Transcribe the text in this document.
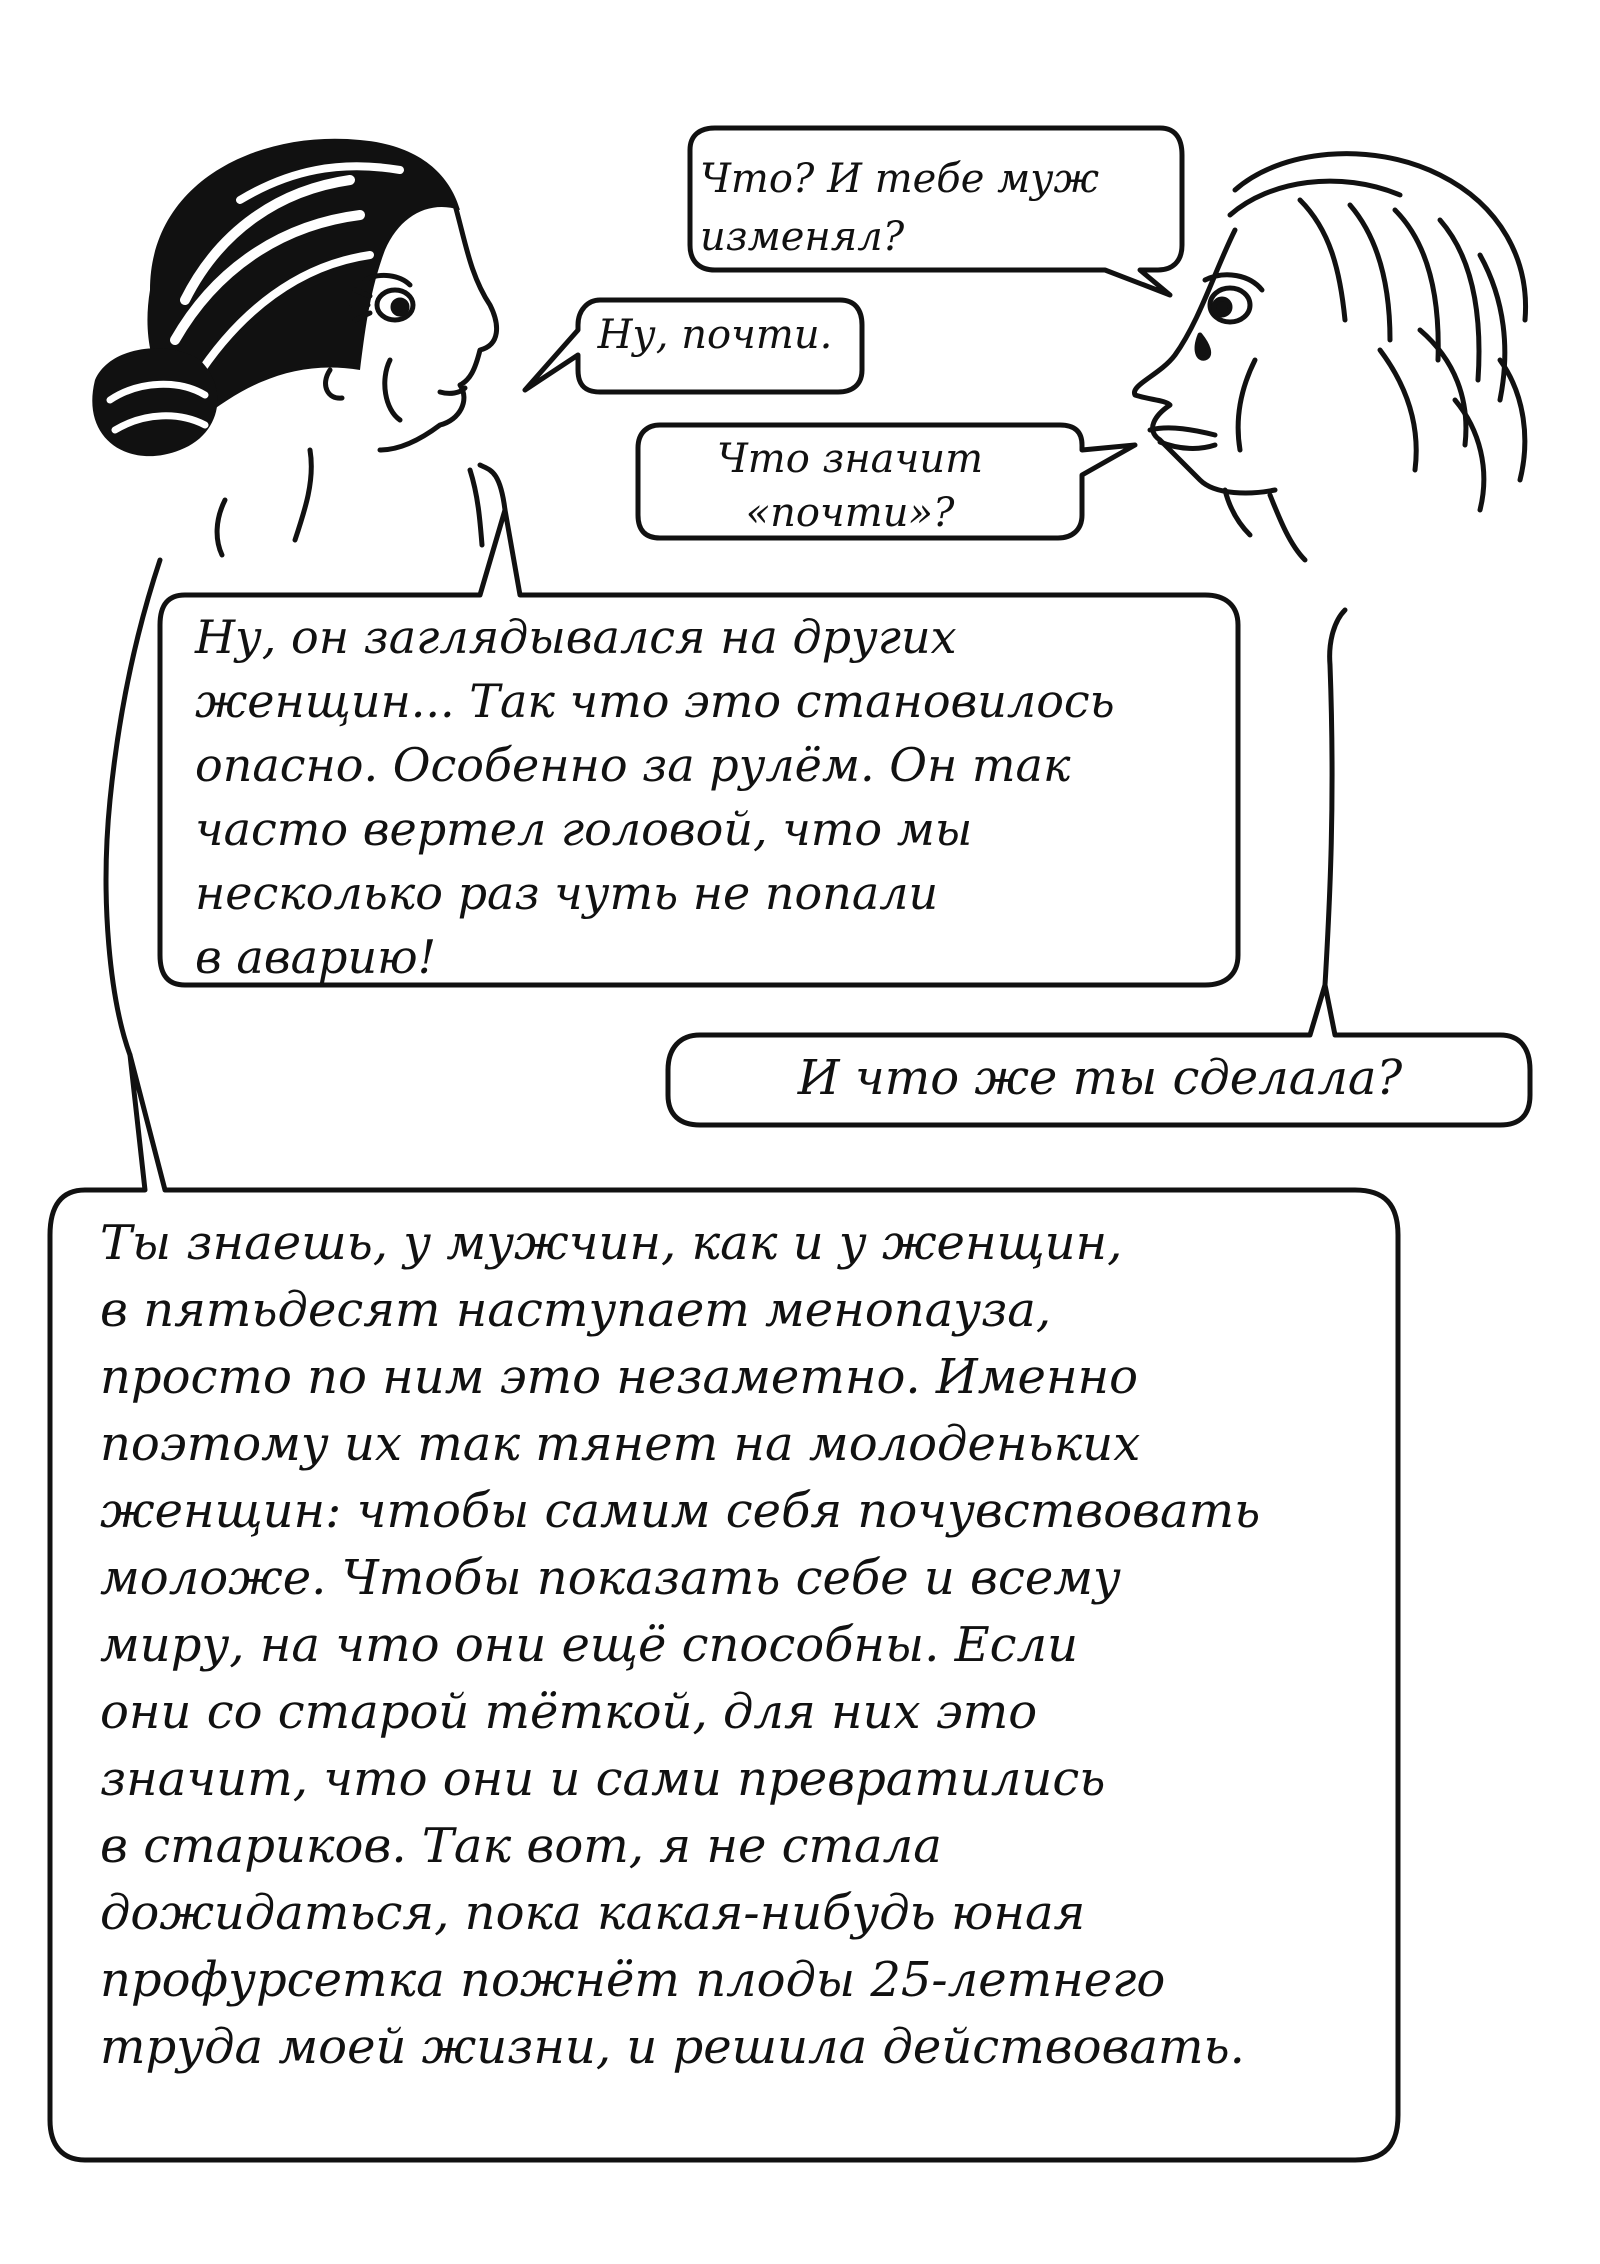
Что? И тебе муж
изменял?
Ну, почти.
Что значит
«почти»?
Ну, он заглядывался на других
женщин... Так что это становилось
опасно. Особенно за рулём. Он так
часто вертел головой, что мы
несколько раз чуть не попали
в аварию!
И что же ты сделала?
Ты знаешь, у мужчин, как и у женщин,
в пятьдесят наступает менопауза,
просто по ним это незаметно. Именно
поэтому их так тянет на молоденьких
женщин: чтобы самим себя почувствовать
моложе. Чтобы показать себе и всему
миру, на что они ещё способны. Если
они со старой тёткой, для них это
значит, что они и сами превратились
в стариков. Так вот, я не стала
дожидаться, пока какая-нибудь юная
профурсетка пожнёт плоды 25-летнего
труда моей жизни, и решила действовать.
